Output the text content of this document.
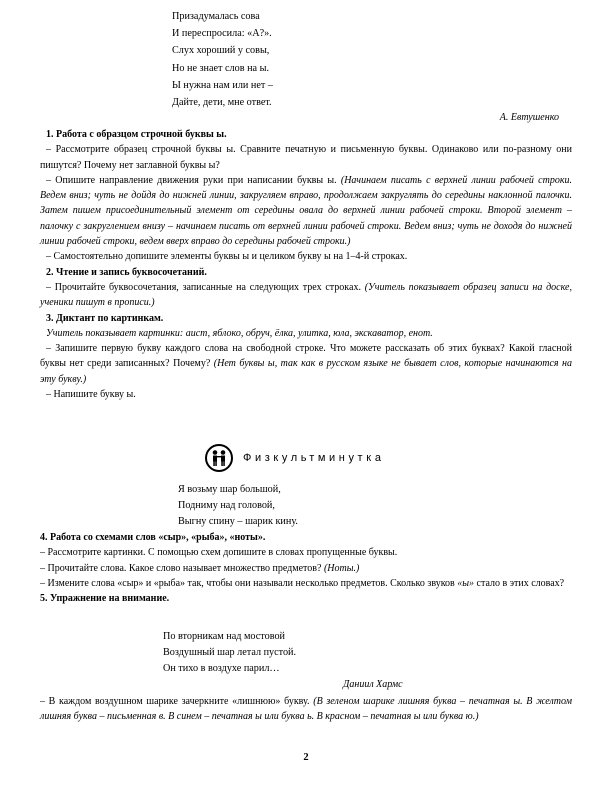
Призадумалась сова
И переспросила: «А?».
Слух хороший у совы,
Но не знает слов на ы.
Ы нужна нам или нет –
Дайте, дети, мне ответ.
А. Евтушенко

1. Работа с образцом строчной буквы ы.

– Рассмотрите образец строчной буквы ы. Сравните печатную и письменную буквы. Одинаково или по-разному они пишутся? Почему нет заглавной буквы ы?

– Опишите направление движения руки при написании буквы ы. (Начинаем писать с верхней линии рабочей строки. Ведем вниз; чуть не дойдя до нижней линии, закругляем вправо, продолжаем закруглять до середины наклонной палочки. Затем пишем присоединительный элемент от середины овала до верхней линии рабочей строки. Второй элемент – палочку с закруглением внизу – начинаем писать от верхней линии рабочей строки. Ведем вниз; чуть не доходя до нижней линии рабочей строки, ведем вверх вправо до середины рабочей строки.)

– Самостоятельно допишите элементы буквы ы и целиком букву ы на 1–4-й строках.

2. Чтение и запись буквосочетаний.

– Прочитайте буквосочетания, записанные на следующих трех строках. (Учитель показывает образец записи на доске, ученики пишут в прописи.)

3. Диктант по картинкам.

Учитель показывает картинки: аист, яблоко, обруч, ёлка, улитка, юла, экскаватор, енот.

– Запишите первую букву каждого слова на свободной строке. Что можете рассказать об этих буквах? Какой гласной буквы нет среди записанных? Почему? (Нет буквы ы, так как в русском языке не бывает слов, которые начинаются на эту букву.)

– Напишите букву ы.

Физкультминутка
Я возьму шар большой,
Подниму над головой,
Выгну спину – шарик кину.

4. Работа со схемами слов «сыр», «рыба», «ноты».

– Рассмотрите картинки. С помощью схем допишите в словах пропущенные буквы.

– Прочитайте слова. Какое слово называет множество предметов? (Ноты.)

– Измените слова «сыр» и «рыба» так, чтобы они называли несколько предметов. Сколько звуков «ы» стало в этих словах?

5. Упражнение на внимание.

По вторникам над мостовой
Воздушный шар летал пустой.
Он тихо в воздухе парил…
Даниил Хармс

– В каждом воздушном шарике зачеркните «лишнюю» букву. (В зеленом шарике лишняя буква – печатная ы. В желтом лишняя буква – письменная в. В синем – печатная ы или буква ь. В красном – печатная ы или буква ю.)

2
